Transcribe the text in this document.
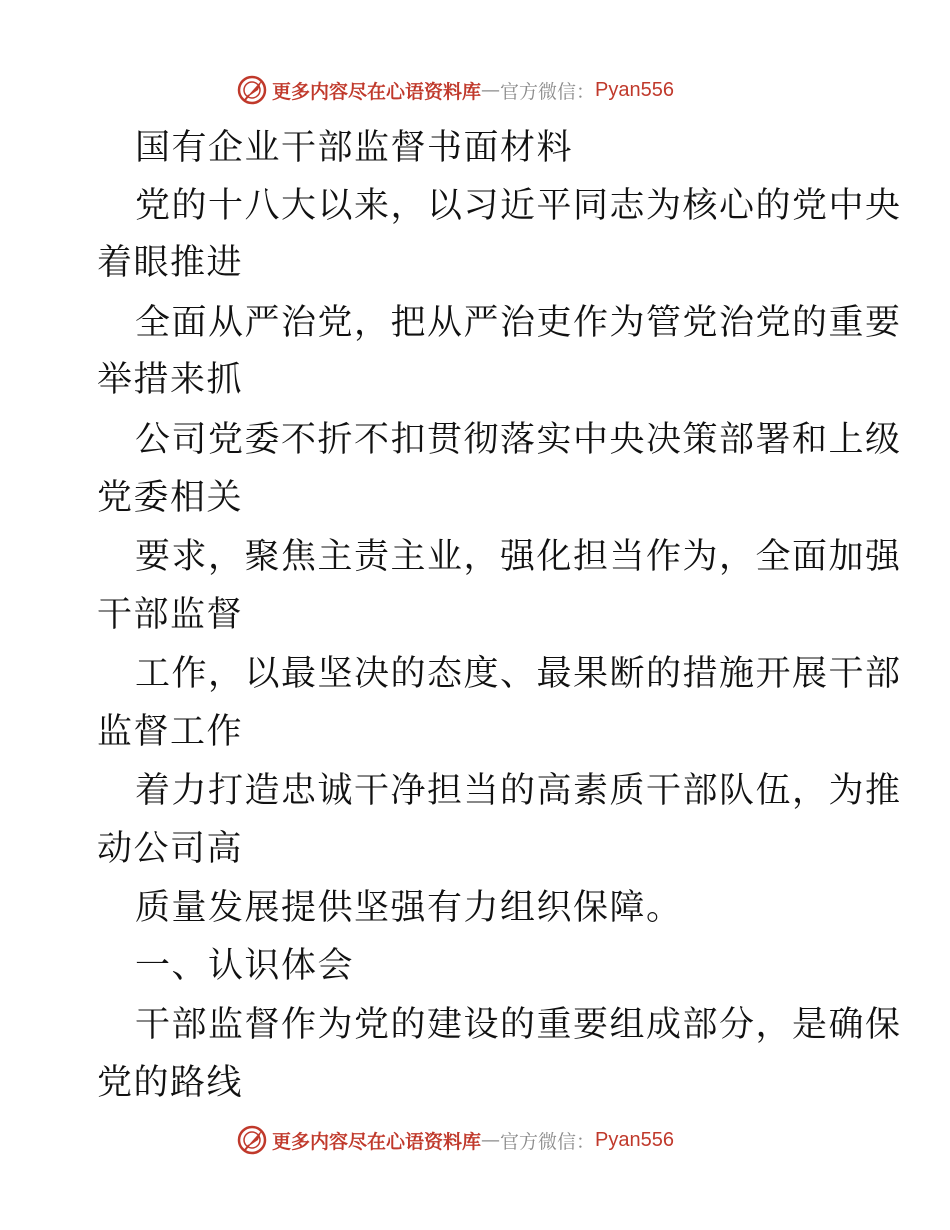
更多内容尽在心语资料库 — 官方微信： Pyan556
国有企业干部监督书面材料
党的十八大以来，以习近平同志为核心的党中央
着眼推进
全面从严治党，把从严治吏作为管党治党的重要
举措来抓
公司党委不折不扣贯彻落实中央决策部署和上级
党委相关
要求，聚焦主责主业，强化担当作为，全面加强
干部监督
工作，以最坚决的态度、最果断的措施开展干部
监督工作
着力打造忠诚干净担当的高素质干部队伍，为推
动公司高
质量发展提供坚强有力组织保障。
一、认识体会
干部监督作为党的建设的重要组成部分，是确保
党的路线
更多内容尽在心语资料库 — 官方微信： Pyan556
